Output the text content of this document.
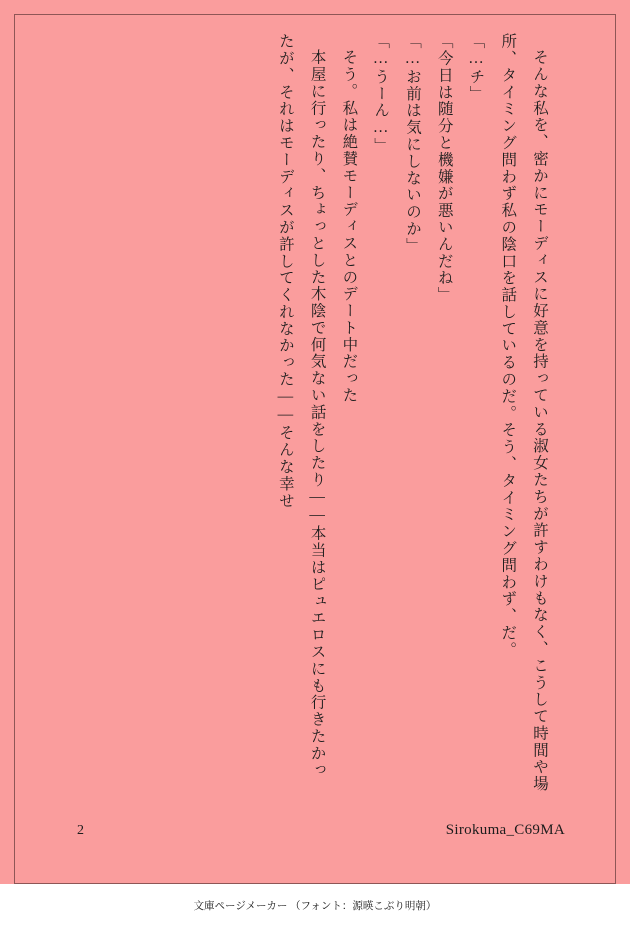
そんな私を、密かにモーディスに好意を持っている淑女たちが許すわけもなく、こうして時間や場所、タイミング問わず私の陰口を話しているのだ。そう、タイミング問わず、だ。

「…チ」

「今日は随分と機嫌が悪いんだね」

「…お前は気にしないのか」

「…うーん…」

そう。私は絶賛モーディスとのデート中だった

本屋に行ったり、ちょっとした木陰で何気ない話をしたり――本当はピュエロスにも行きたかったが、それはモーディスが許してくれなかった――そんな幸せ

2	Sirokuma_C69MA
文庫ページメーカー （フォント：源暎こぶり明朝）
